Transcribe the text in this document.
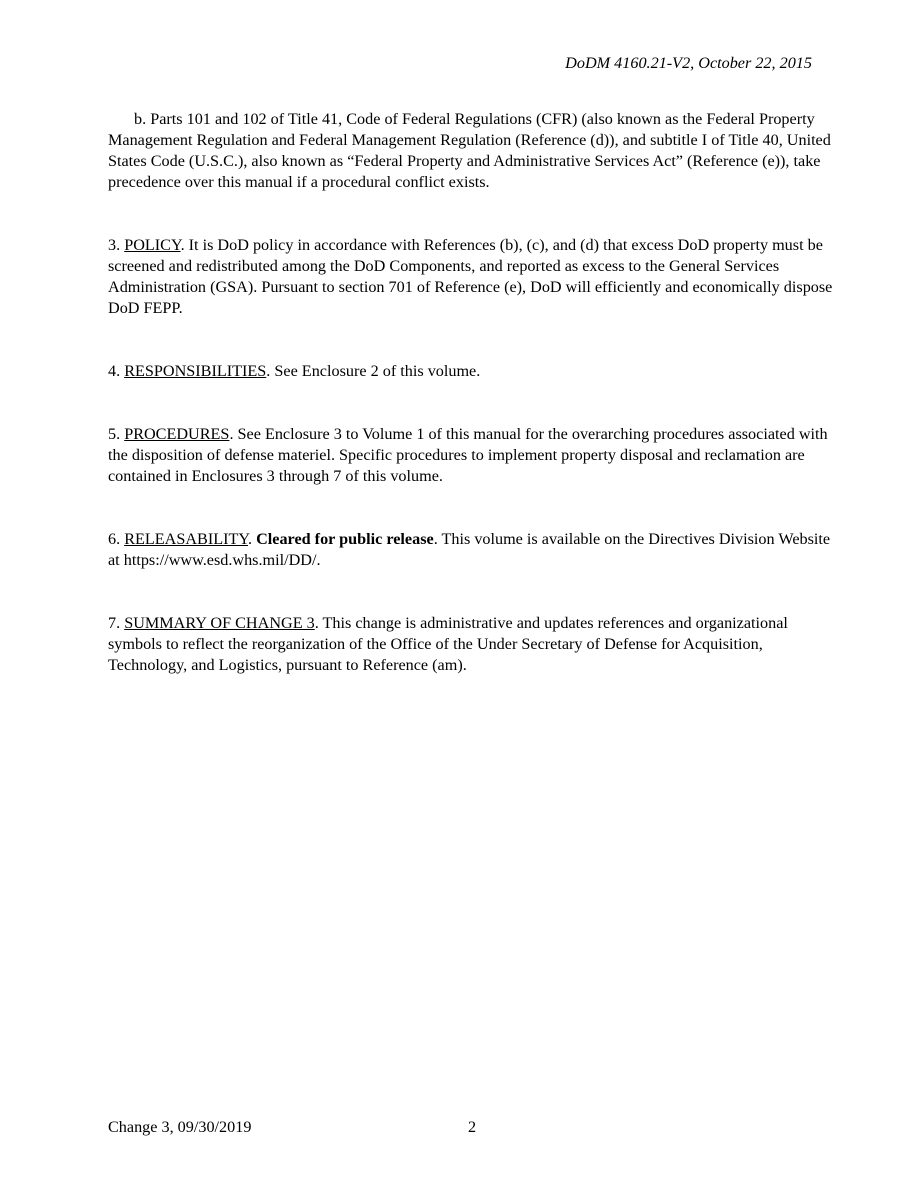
DoDM 4160.21-V2, October 22, 2015

b. Parts 101 and 102 of Title 41, Code of Federal Regulations (CFR) (also known as the Federal Property Management Regulation and Federal Management Regulation (Reference (d)), and subtitle I of Title 40, United States Code (U.S.C.), also known as “Federal Property and Administrative Services Act” (Reference (e)), take precedence over this manual if a procedural conflict exists.

3. POLICY. It is DoD policy in accordance with References (b), (c), and (d) that excess DoD property must be screened and redistributed among the DoD Components, and reported as excess to the General Services Administration (GSA). Pursuant to section 701 of Reference (e), DoD will efficiently and economically dispose DoD FEPP.

4. RESPONSIBILITIES. See Enclosure 2 of this volume.

5. PROCEDURES. See Enclosure 3 to Volume 1 of this manual for the overarching procedures associated with the disposition of defense materiel. Specific procedures to implement property disposal and reclamation are contained in Enclosures 3 through 7 of this volume.

6. RELEASABILITY. Cleared for public release. This volume is available on the Directives Division Website at https://www.esd.whs.mil/DD/.

7. SUMMARY OF CHANGE 3. This change is administrative and updates references and organizational symbols to reflect the reorganization of the Office of the Under Secretary of Defense for Acquisition, Technology, and Logistics, pursuant to Reference (am).

Change 3, 09/30/2019	2
